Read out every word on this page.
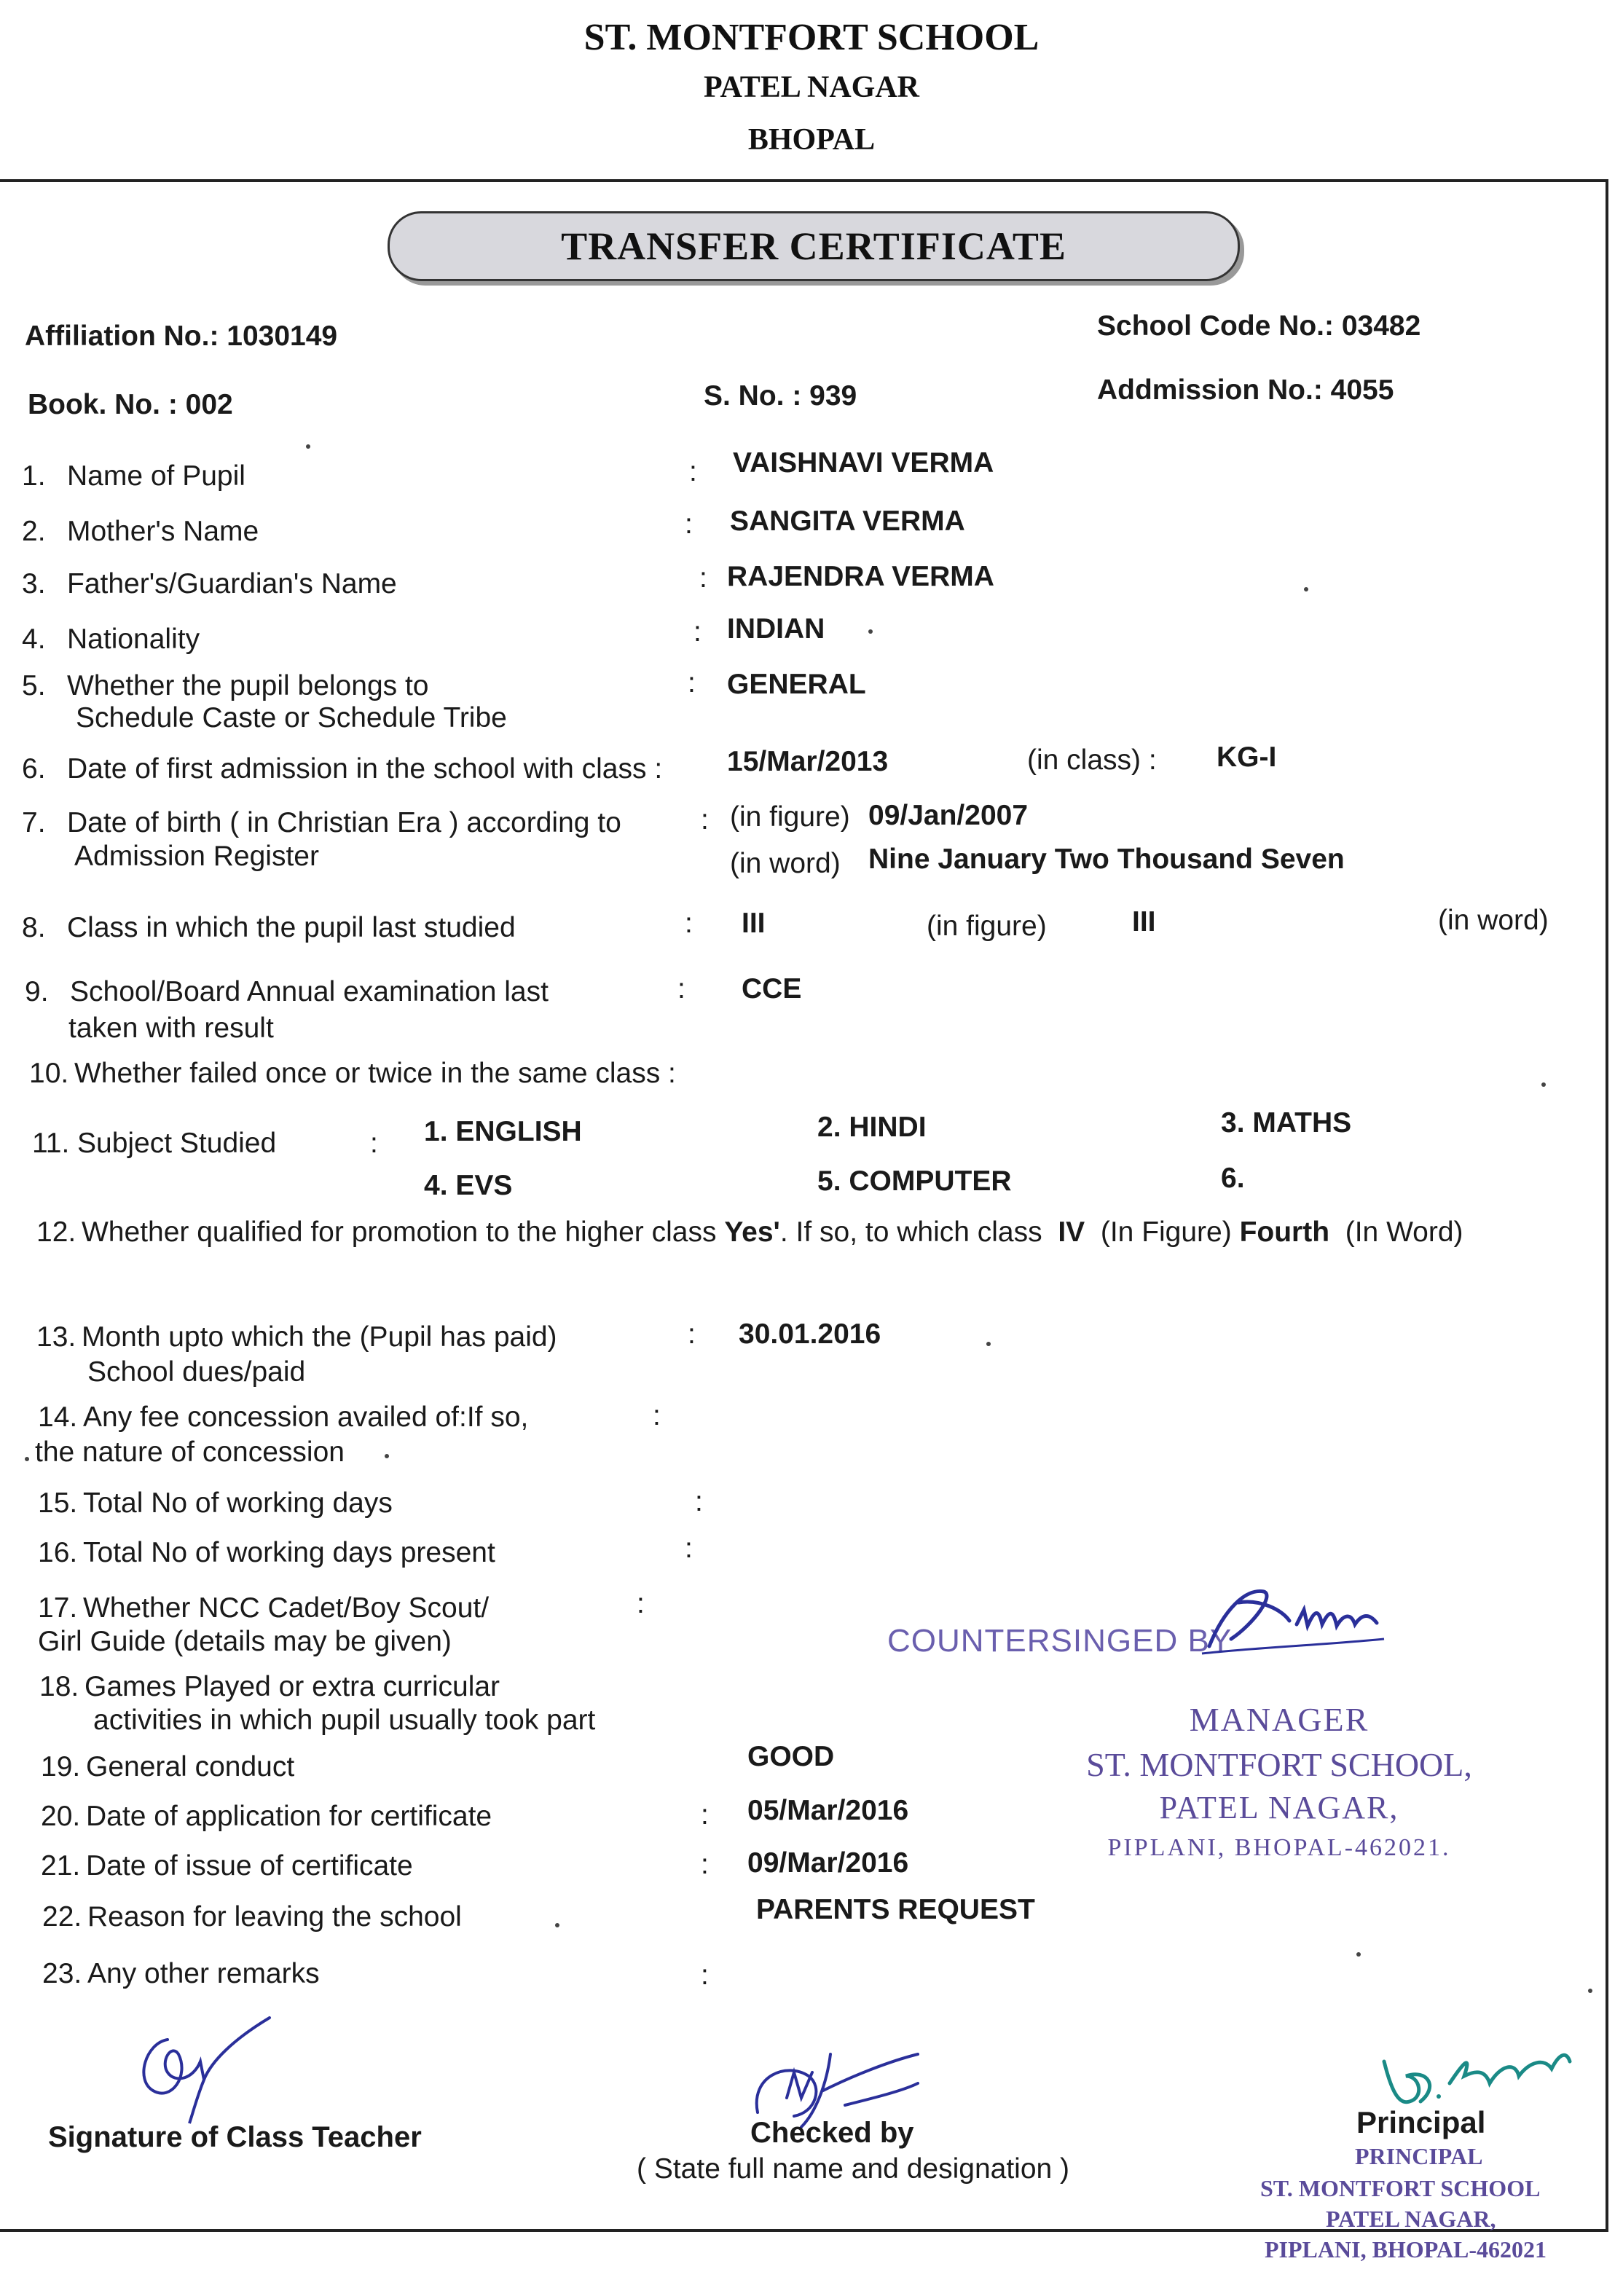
ST. MONTFORT SCHOOL
PATEL NAGAR
BHOPAL
TRANSFER CERTIFICATE
Affiliation No.: 1030149	School Code No.: 03482
Book. No. : 002	S. No. : 939	Addmission No.: 4055
1. Name of Pupil	: VAISHNAVI VERMA
2. Mother's Name	: SANGITA VERMA
3. Father's/Guardian's Name	: RAJENDRA VERMA
4. Nationality	: INDIAN
5. Whether the pupil belongs to
Schedule Caste or Schedule Tribe
: GENERAL
6. Date of first admission in the school with class : 15/Mar/2013	(in class) : KG-I
7. Date of birth ( in Christian Era ) according to
Admission Register
: (in figure) 09/Jan/2007
(in word) Nine January Two Thousand Seven
8. Class in which the pupil last studied	: III	(in figure)	III	(in word)
9. School/Board Annual examination last
taken with result
: CCE
10. Whether failed once or twice in the same class :
11. Subject Studied	: 1. ENGLISH	2. HINDI	3. MATHS
4. EVS	5. COMPUTER	6.
12. Whether qualified for promotion to the higher class Yes'. If so, to which class IV (In Figure) Fourth (In Word)
13. Month upto which the (Pupil has paid)
School dues/paid
: 30.01.2016
14. Any fee concession availed of:If so,
the nature of concession
:
15. Total No of working days	:
16. Total No of working days present	:
17. Whether NCC Cadet/Boy Scout/
Girl Guide (details may be given)
:
18. Games Played or extra curricular
activities in which pupil usually took part
19. General conduct	GOOD
20. Date of application for certificate	: 05/Mar/2016
21. Date of issue of certificate	: 09/Mar/2016
22. Reason for leaving the school	PARENTS REQUEST
23. Any other remarks	:
COUNTERSINGED BY
MANAGER
ST. MONTFORT SCHOOL,
PATEL NAGAR,
PIPLANI, BHOPAL-462021.
Signature of Class Teacher	Checked by
( State full name and designation )
Principal
PRINCIPAL
ST. MONTFORT SCHOOL
PATEL NAGAR,
PIPLANI, BHOPAL-462021
